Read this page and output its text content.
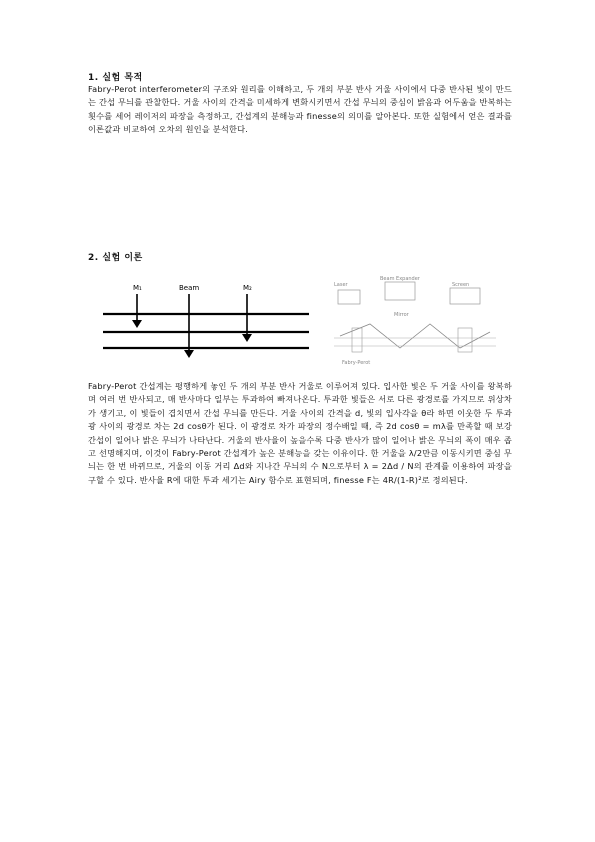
1. 실험 목적

Fabry-Perot interferometer의 구조와 원리를 이해하고, 두 개의 부분 반사 거울 사이에서 다중 반사된 빛이 만드는 간섭 무늬를 관찰한다. 거울 사이의 간격을 미세하게 변화시키면서 간섭 무늬의 중심이 밝음과 어두움을 반복하는 횟수를 세어 레이저의 파장을 측정하고, 간섭계의 분해능과 finesse의 의미를 알아본다. 또한 실험에서 얻은 결과를 이론값과 비교하여 오차의 원인을 분석한다.

2. 실험 이론
M₁	Beam	M₂	Laser
Beam Expander
Screen
Mirror
Fabry-Perot

Fabry-Perot 간섭계는 평행하게 놓인 두 개의 부분 반사 거울로 이루어져 있다. 입사한 빛은 두 거울 사이를 왕복하며 여러 번 반사되고, 매 반사마다 일부는 투과하여 빠져나온다. 투과한 빛들은 서로 다른 광경로를 가지므로 위상차가 생기고, 이 빛들이 겹치면서 간섭 무늬를 만든다. 거울 사이의 간격을 d, 빛의 입사각을 θ라 하면 이웃한 두 투과광 사이의 광경로 차는 2d cosθ가 된다. 이 광경로 차가 파장의 정수배일 때, 즉 2d cosθ = mλ를 만족할 때 보강 간섭이 일어나 밝은 무늬가 나타난다. 거울의 반사율이 높을수록 다중 반사가 많이 일어나 밝은 무늬의 폭이 매우 좁고 선명해지며, 이것이 Fabry-Perot 간섭계가 높은 분해능을 갖는 이유이다. 한 거울을 λ/2만큼 이동시키면 중심 무늬는 한 번 바뀌므로, 거울의 이동 거리 Δd와 지나간 무늬의 수 N으로부터 λ = 2Δd / N의 관계를 이용하여 파장을 구할 수 있다. 반사율 R에 대한 투과 세기는 Airy 함수로 표현되며, finesse F는 4R/(1-R)²로 정의된다.
